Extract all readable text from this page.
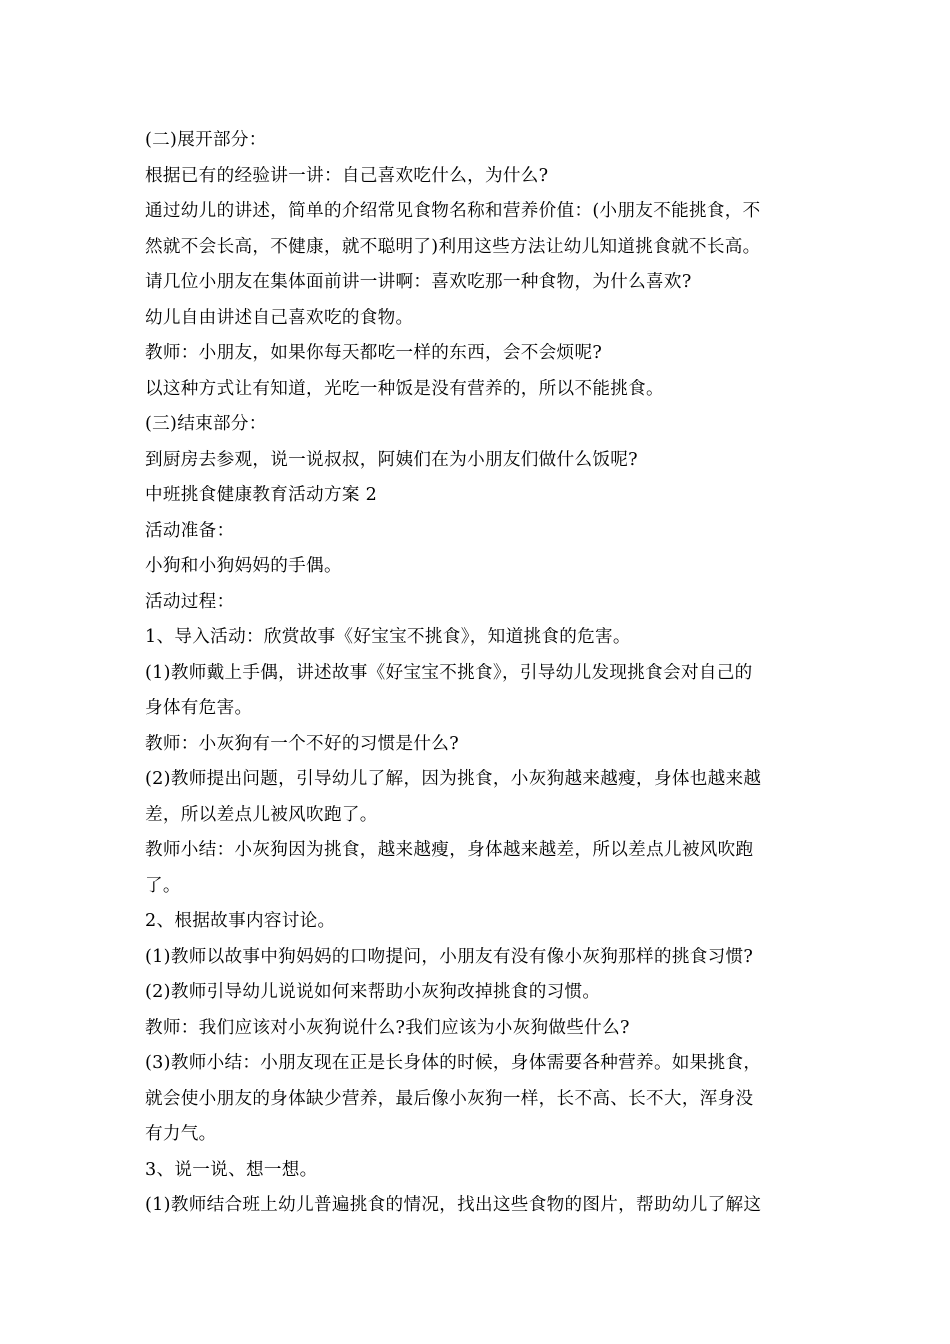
(二)展开部分：
根据已有的经验讲一讲：自己喜欢吃什么，为什么?
通过幼儿的讲述，简单的介绍常见食物名称和营养价值：(小朋友不能挑食，不
然就不会长高，不健康，就不聪明了)利用这些方法让幼儿知道挑食就不长高。
请几位小朋友在集体面前讲一讲啊：喜欢吃那一种食物，为什么喜欢?
幼儿自由讲述自己喜欢吃的食物。
教师：小朋友，如果你每天都吃一样的东西，会不会烦呢?
以这种方式让有知道，光吃一种饭是没有营养的，所以不能挑食。
(三)结束部分：
到厨房去参观，说一说叔叔，阿姨们在为小朋友们做什么饭呢?
中班挑食健康教育活动方案 2
活动准备：
小狗和小狗妈妈的手偶。
活动过程：
1、导入活动：欣赏故事《好宝宝不挑食》，知道挑食的危害。
(1)教师戴上手偶，讲述故事《好宝宝不挑食》，引导幼儿发现挑食会对自己的
身体有危害。
教师：小灰狗有一个不好的习惯是什么?
(2)教师提出问题，引导幼儿了解，因为挑食，小灰狗越来越瘦，身体也越来越
差，所以差点儿被风吹跑了。
教师小结：小灰狗因为挑食，越来越瘦，身体越来越差，所以差点儿被风吹跑
了。
2、根据故事内容讨论。
(1)教师以故事中狗妈妈的口吻提问，小朋友有没有像小灰狗那样的挑食习惯?
(2)教师引导幼儿说说如何来帮助小灰狗改掉挑食的习惯。
教师：我们应该对小灰狗说什么?我们应该为小灰狗做些什么?
(3)教师小结：小朋友现在正是长身体的时候，身体需要各种营养。如果挑食，
就会使小朋友的身体缺少营养，最后像小灰狗一样，长不高、长不大，浑身没
有力气。
3、说一说、想一想。
(1)教师结合班上幼儿普遍挑食的情况，找出这些食物的图片，帮助幼儿了解这
